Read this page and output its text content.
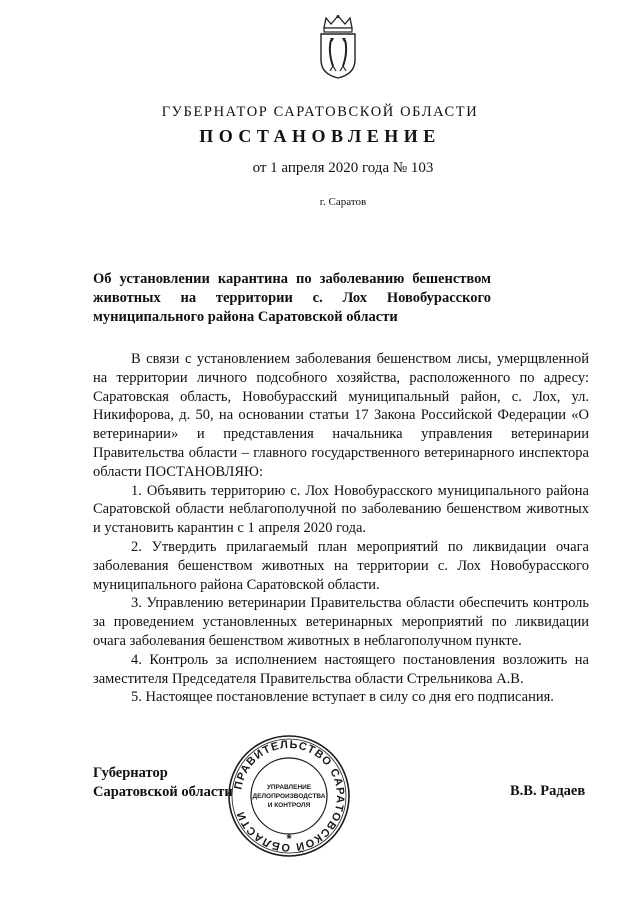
ГУБЕРНАТОР САРАТОВСКОЙ ОБЛАСТИ
ПОСТАНОВЛЕНИЕ
от 1 апреля 2020 года № 103
г. Саратов
Об установлении карантина по заболеванию бешенством
животных на территории с. Лох Новобурасского
муниципального района Саратовской области

В связи с установлением заболевания бешенством лисы, умерщвленной на территории личного подсобного хозяйства, расположенного по адресу: Саратовская область, Новобурасский муниципальный район, с. Лох, ул. Никифорова, д. 50, на основании статьи 17 Закона Российской Федерации «О ветеринарии» и представления начальника управления ветеринарии Правительства области – главного государственного ветеринарного инспектора области ПОСТАНОВЛЯЮ:

1. Объявить территорию с. Лох Новобурасского муниципального района Саратовской области неблагополучной по заболеванию бешенством животных и установить карантин с 1 апреля 2020 года.

2. Утвердить прилагаемый план мероприятий по ликвидации очага заболевания бешенством животных на территории с. Лох Новобурасского муниципального района Саратовской области.

3. Управлению ветеринарии Правительства области обеспечить контроль за проведением установленных ветеринарных мероприятий по ликвидации очага заболевания бешенством животных в неблагополучном пункте.

4. Контроль за исполнением настоящего постановления возложить на заместителя Председателя Правительства области Стрельникова А.В.

5. Настоящее постановление вступает в силу со дня его подписания.

Губернатор
Саратовской области	В.В. Радаев
ПРАВИТЕЛЬСТВО САРАТОВСКОЙ ОБЛАСТИ
УПРАВЛЕНИЕ
ДЕЛОПРОИЗВОДСТВА
И КОНТРОЛЯ
*
